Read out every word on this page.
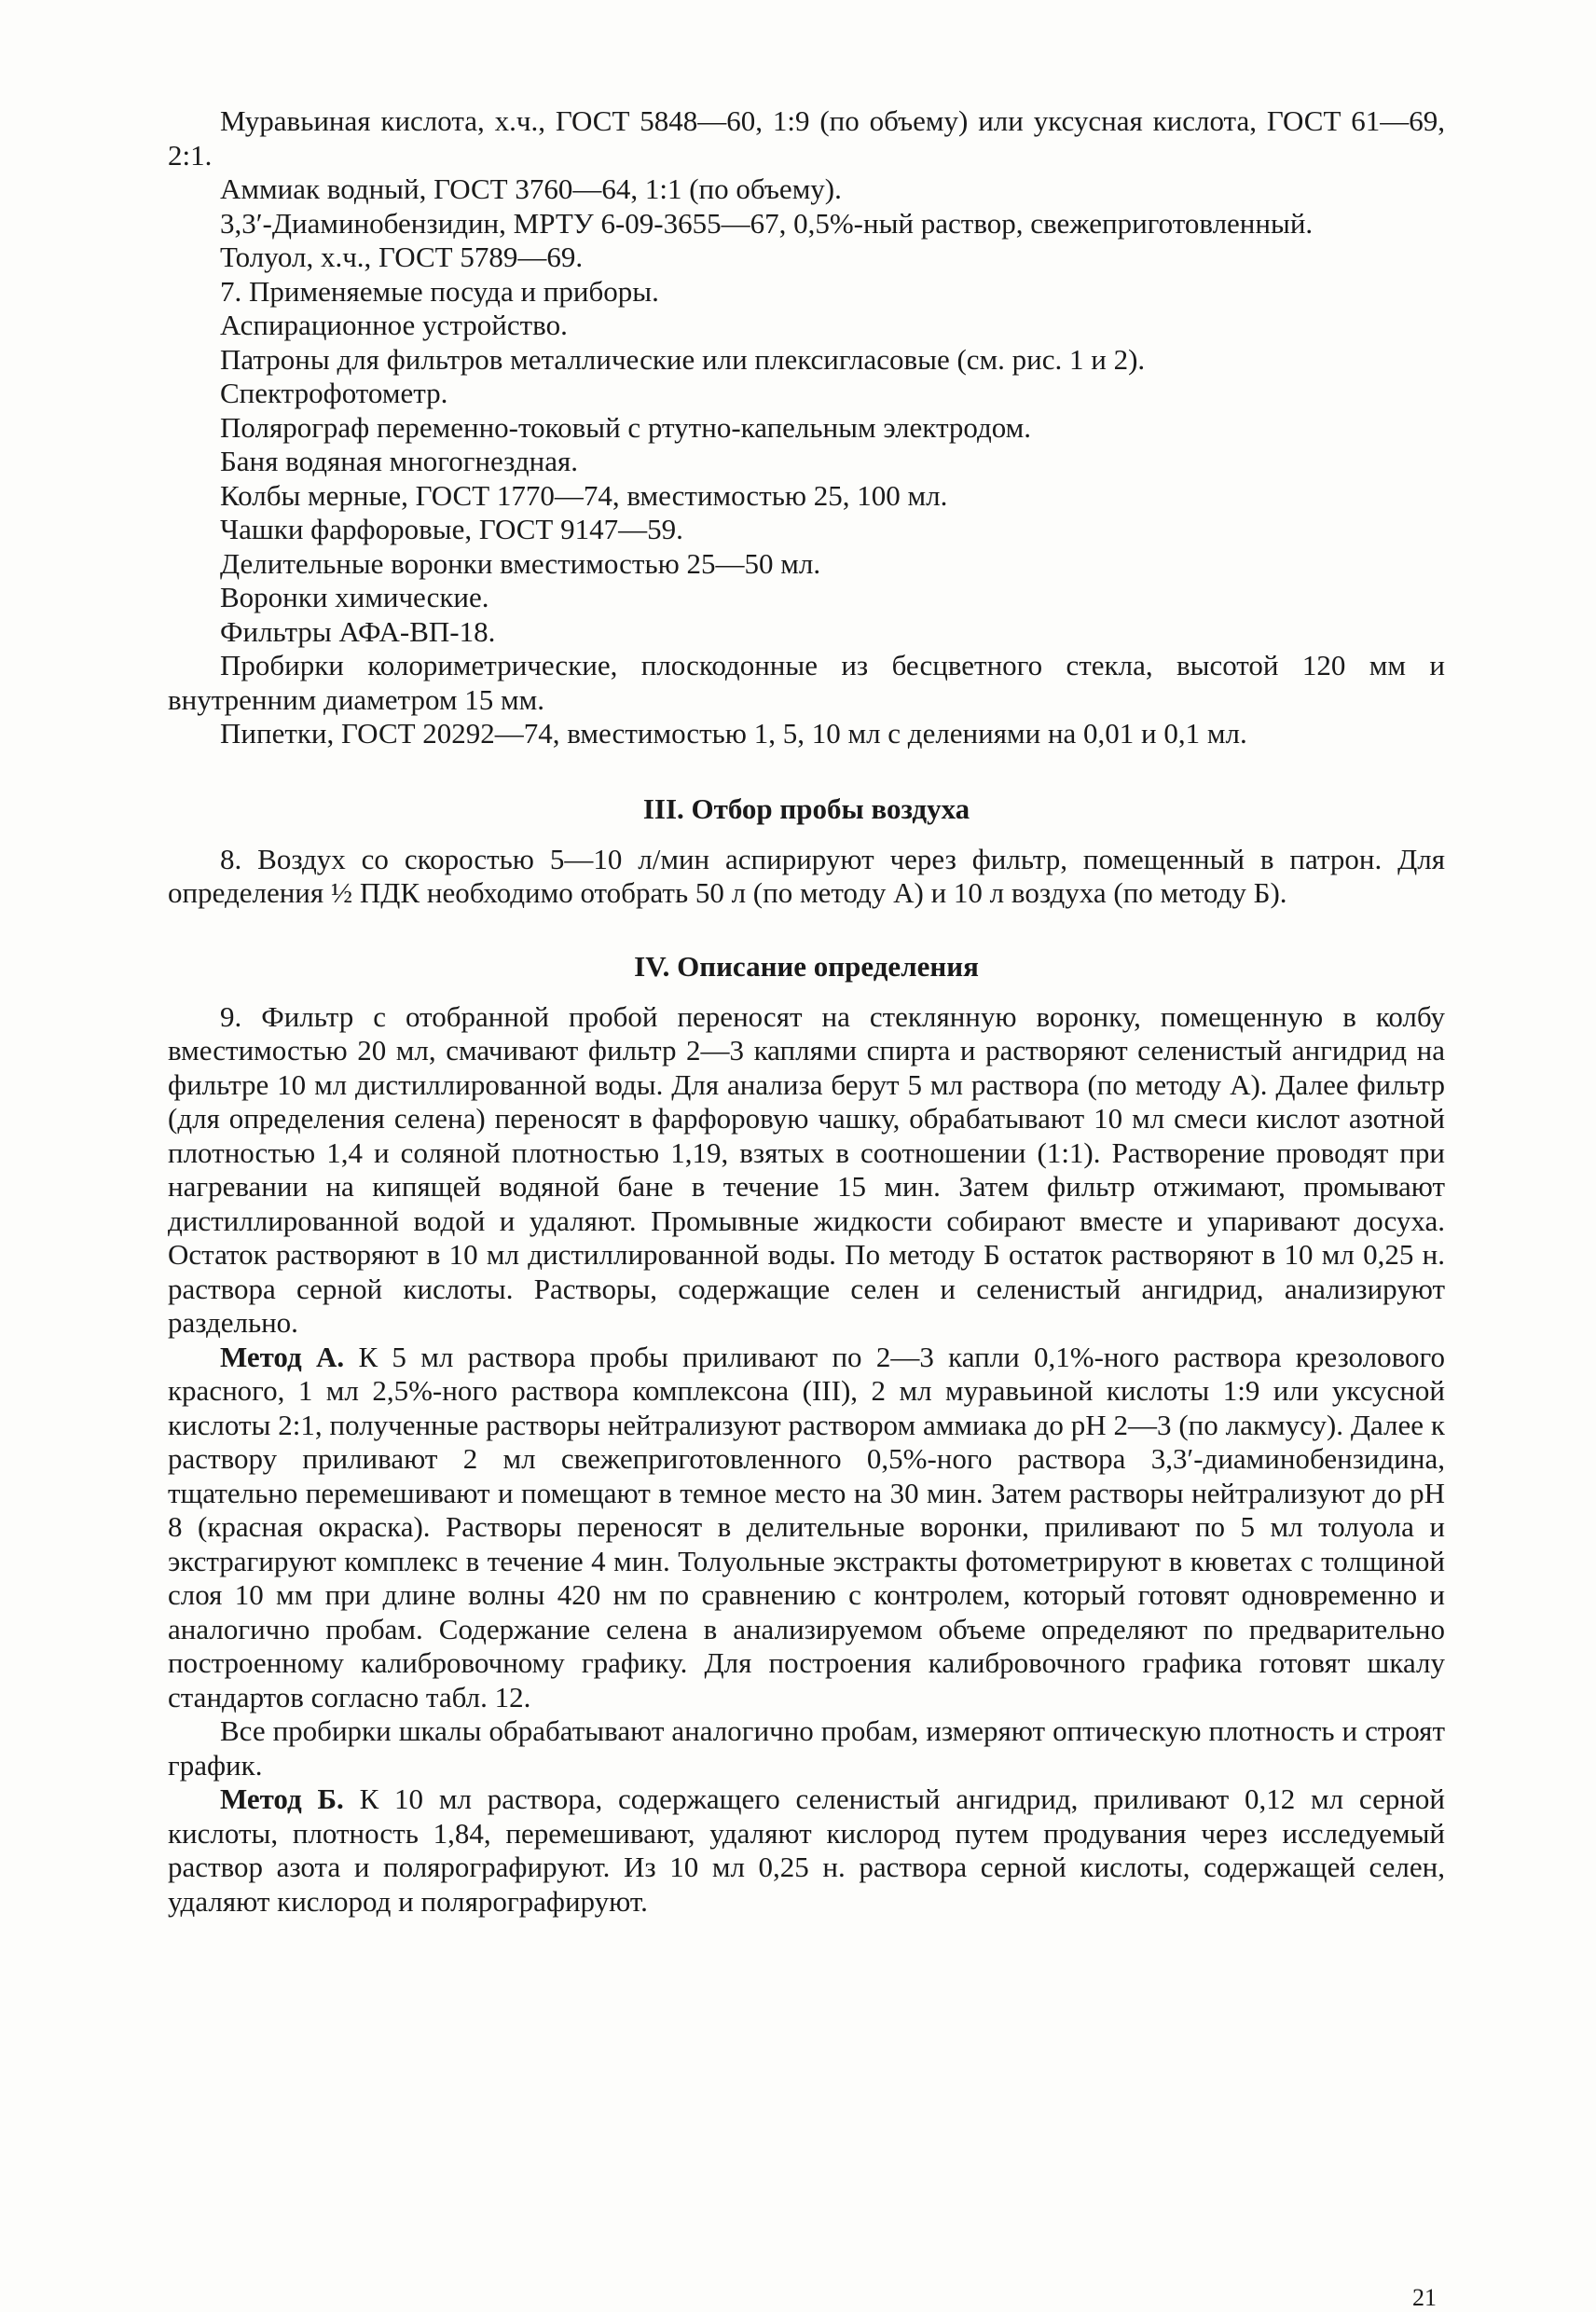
Муравьиная кислота, х.ч., ГОСТ 5848—60, 1:9 (по объему) или уксусная кислота, ГОСТ 61—69, 2:1.

Аммиак водный, ГОСТ 3760—64, 1:1 (по объему).

3,3′-Диаминобензидин, МРТУ 6-09-3655—67, 0,5%-ный раствор, свежеприготовленный.

Толуол, х.ч., ГОСТ 5789—69.

7. Применяемые посуда и приборы.

Аспирационное устройство.

Патроны для фильтров металлические или плексигласовые (см. рис. 1 и 2).

Спектрофотометр.

Полярограф переменно-токовый с ртутно-капельным электродом.

Баня водяная многогнездная.

Колбы мерные, ГОСТ 1770—74, вместимостью 25, 100 мл.

Чашки фарфоровые, ГОСТ 9147—59.

Делительные воронки вместимостью 25—50 мл.

Воронки химические.

Фильтры АФА-ВП-18.

Пробирки колориметрические, плоскодонные из бесцветного стекла, высотой 120 мм и внутренним диаметром 15 мм.

Пипетки, ГОСТ 20292—74, вместимостью 1, 5, 10 мл с делениями на 0,01 и 0,1 мл.

III. Отбор пробы воздуха

8. Воздух со скоростью 5—10 л/мин аспирируют через фильтр, помещенный в патрон. Для определения ½ ПДК необходимо отобрать 50 л (по методу А) и 10 л воздуха (по методу Б).

IV. Описание определения

9. Фильтр с отобранной пробой переносят на стеклянную воронку, помещенную в колбу вместимостью 20 мл, смачивают фильтр 2—3 каплями спирта и растворяют селенистый ангидрид на фильтре 10 мл дистиллированной воды. Для анализа берут 5 мл раствора (по методу А). Далее фильтр (для определения селена) переносят в фарфоровую чашку, обрабатывают 10 мл смеси кислот азотной плотностью 1,4 и соляной плотностью 1,19, взятых в соотношении (1:1). Растворение проводят при нагревании на кипящей водяной бане в течение 15 мин. Затем фильтр отжимают, промывают дистиллированной водой и удаляют. Промывные жидкости собирают вместе и упаривают досуха. Остаток растворяют в 10 мл дистиллированной воды. По методу Б остаток растворяют в 10 мл 0,25 н. раствора серной кислоты. Растворы, содержащие селен и селенистый ангидрид, анализируют раздельно.

Метод А. К 5 мл раствора пробы приливают по 2—3 капли 0,1%-ного раствора крезолового красного, 1 мл 2,5%-ного раствора комплексона (III), 2 мл муравьиной кислоты 1:9 или уксусной кислоты 2:1, полученные растворы нейтрализуют раствором аммиака до pH 2—3 (по лакмусу). Далее к раствору приливают 2 мл свежеприготовленного 0,5%-ного раствора 3,3′-диаминобензидина, тщательно перемешивают и помещают в темное место на 30 мин. Затем растворы нейтрализуют до pH 8 (красная окраска). Растворы переносят в делительные воронки, приливают по 5 мл толуола и экстрагируют комплекс в течение 4 мин. Толуольные экстракты фотометрируют в кюветах с толщиной слоя 10 мм при длине волны 420 нм по сравнению с контролем, который готовят одновременно и аналогично пробам. Содержание селена в анализируемом объеме определяют по предварительно построенному калибровочному графику. Для построения калибровочного графика готовят шкалу стандартов согласно табл. 12.

Все пробирки шкалы обрабатывают аналогично пробам, измеряют оптическую плотность и строят график.

Метод Б. К 10 мл раствора, содержащего селенистый ангидрид, приливают 0,12 мл серной кислоты, плотность 1,84, перемешивают, удаляют кислород путем продувания через исследуемый раствор азота и полярографируют. Из 10 мл 0,25 н. раствора серной кислоты, содержащей селен, удаляют кислород и полярографируют.

21
